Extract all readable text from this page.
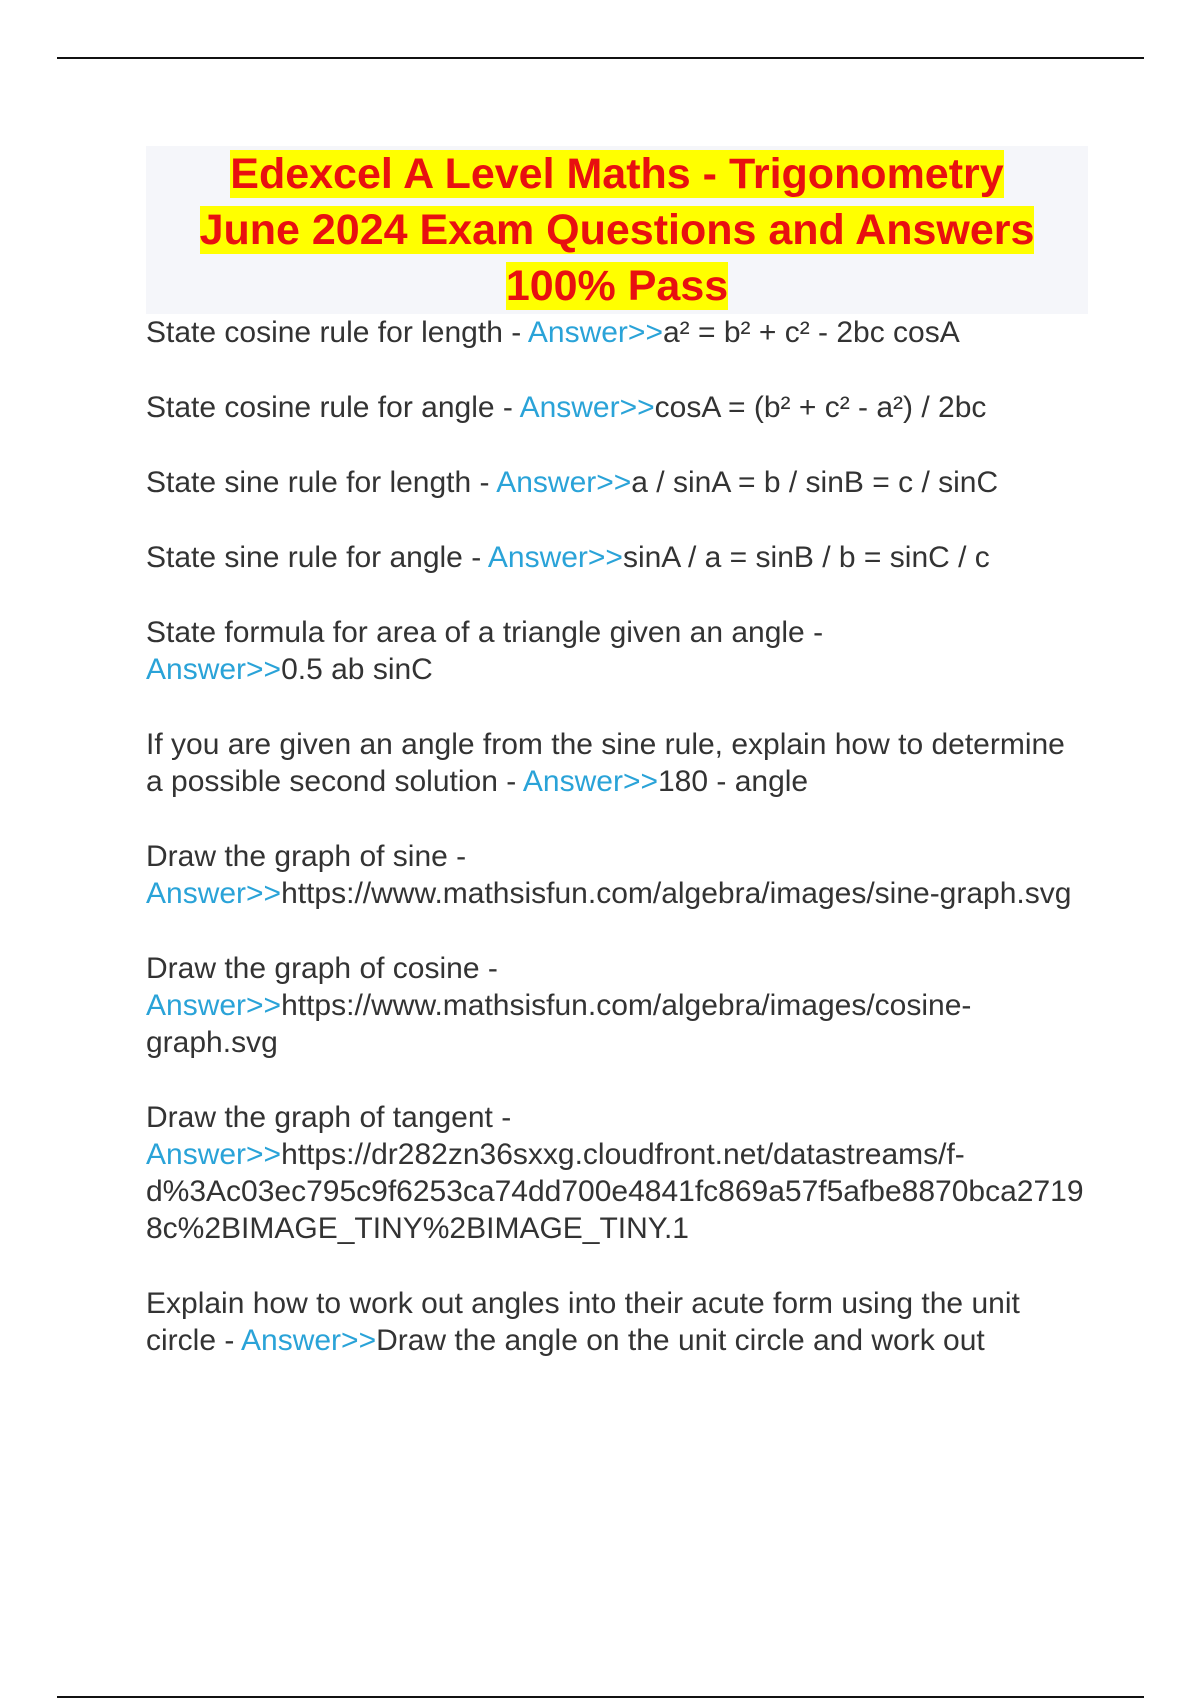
Edexcel A Level Maths - Trigonometry
June 2024 Exam Questions and Answers
100% Pass

State cosine rule for length - Answer>>a² = b² + c² - 2bc cosA

State cosine rule for angle - Answer>>cosA = (b² + c² - a²) / 2bc

State sine rule for length - Answer>>a / sinA = b / sinB = c / sinC

State sine rule for angle - Answer>>sinA / a = sinB / b = sinC / c

State formula for area of a triangle given an angle -
Answer>>0.5 ab sinC

If you are given an angle from the sine rule, explain how to determine a possible second solution - Answer>>180 - angle

Draw the graph of sine -
Answer>>https://www.mathsisfun.com/algebra/images/sine-graph.svg

Draw the graph of cosine -
Answer>>https://www.mathsisfun.com/algebra/images/cosine-graph.svg

Draw the graph of tangent -
Answer>>https://dr282zn36sxxg.cloudfront.net/datastreams/f-d%3Ac03ec795c9f6253ca74dd700e4841fc869a57f5afbe8870bca27198c%2BIMAGE_TINY%2BIMAGE_TINY.1

Explain how to work out angles into their acute form using the unit circle - Answer>>Draw the angle on the unit circle and work out
